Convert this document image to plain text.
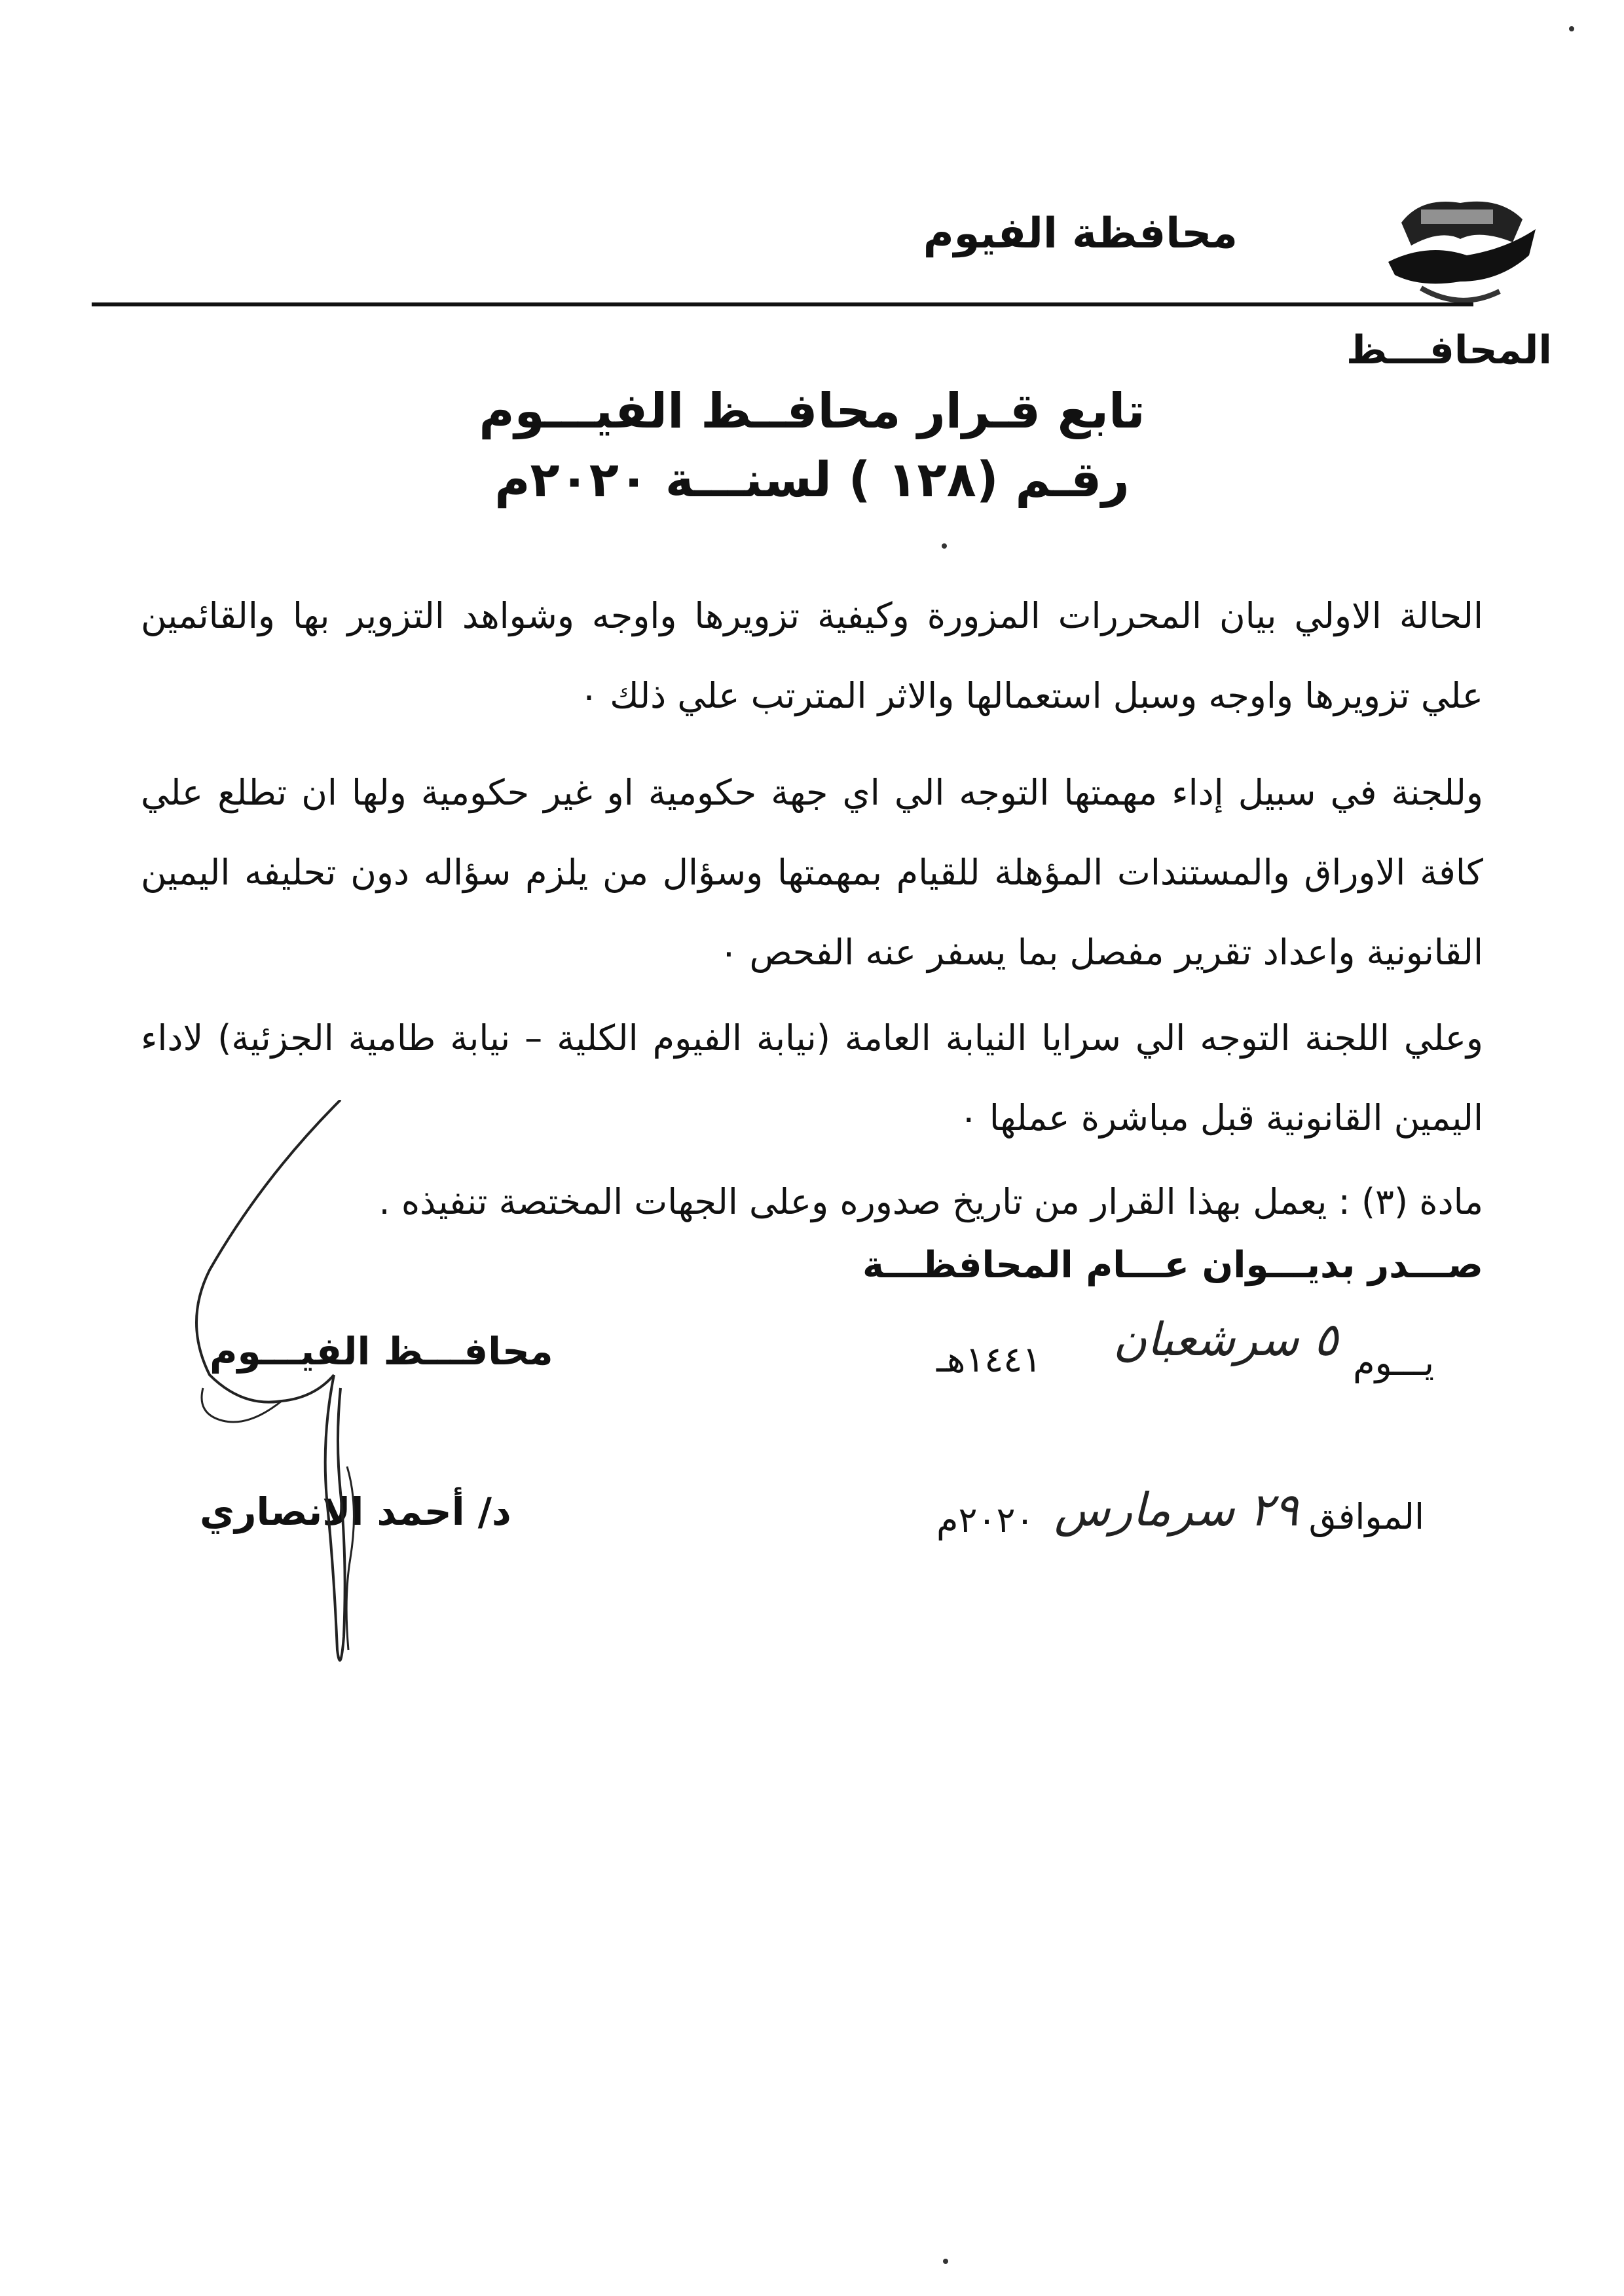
محافظة الفيوم
المحافـــظ
تابع قـرار محافــظ الفيـــوم
رقـم (١٢٨ ) لسنـــة ٢٠٢٠م
الحالة الاولي بيان المحررات المزورة وكيفية تزويرها واوجه وشواهد التزوير بها والقائمين علي تزويرها واوجه وسبل استعمالها والاثر المترتب علي ذلك ٠
وللجنة في سبيل إداء مهمتها التوجه الي اي جهة حكومية او غير حكومية ولها ان تطلع علي كافة الاوراق والمستندات المؤهلة للقيام بمهمتها وسؤال من يلزم سؤاله دون تحليفه اليمين القانونية واعداد تقرير مفصل بما يسفر عنه الفحص ٠
وعلي اللجنة التوجه الي سرايا النيابة العامة (نيابة الفيوم الكلية – نيابة طامية الجزئية) لاداء اليمين القانونية قبل مباشرة عملها ٠
مادة (٣) : يعمل بهذا القرار من تاريخ صدوره وعلى الجهات المختصة تنفيذه .
صـــدر بديـــوان عـــام المحافظـــة
يـــوم
٥ سرشعبان
١٤٤١هـ
الموافق
٢٩ سرمارس
٢٠٢٠م
محافـــظ الفيـــوم
د/ أحمد الانصاري
